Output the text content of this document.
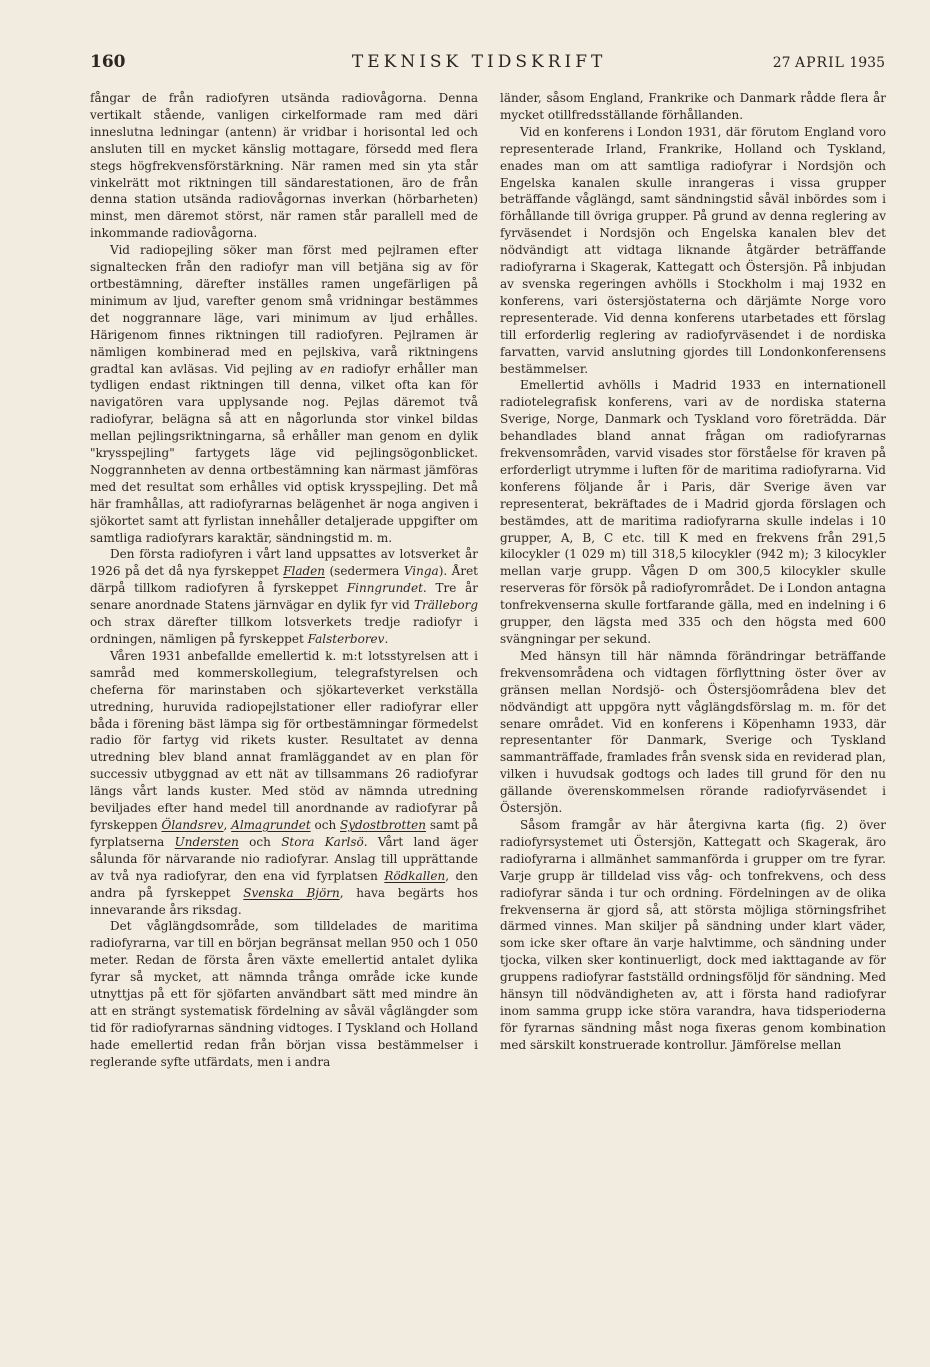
160	TEKNISK TIDSKRIFT	27 APRIL 1935

fångar de från radiofyren utsända radiovågorna. Denna vertikalt stående, vanligen cirkelformade ram med däri inneslutna ledningar (antenn) är vridbar i horisontal led och ansluten till en mycket känslig mottagare, försedd med flera stegs högfrekvensförstärkning. När ramen med sin yta står vinkelrätt mot riktningen till sändarestationen, äro de från denna station utsända radiovågornas inverkan (hörbarheten) minst, men däremot störst, när ramen står parallell med de inkommande radiovågorna.

Vid radiopejling söker man först med pejlramen efter signaltecken från den radiofyr man vill betjäna sig av för ortbestämning, därefter inställes ramen ungefärligen på minimum av ljud, varefter genom små vridningar bestämmes det noggrannare läge, vari minimum av ljud erhålles. Härigenom finnes riktningen till radiofyren. Pejlramen är nämligen kombinerad med en pejlskiva, varå riktningens gradtal kan avläsas. Vid pejling av en radiofyr erhåller man tydligen endast riktningen till denna, vilket ofta kan för navigatören vara upplysande nog. Pejlas däremot två radiofyrar, belägna så att en någorlunda stor vinkel bildas mellan pejlingsriktningarna, så erhåller man genom en dylik "krysspejling" fartygets läge vid pejlingsögonblicket. Noggrannheten av denna ortbestämning kan närmast jämföras med det resultat som erhålles vid optisk krysspejling. Det må här framhållas, att radiofyrarnas belägenhet är noga angiven i sjökortet samt att fyrlistan innehåller detaljerade uppgifter om samtliga radiofyrars karaktär, sändningstid m. m.

Den första radiofyren i vårt land uppsattes av lotsverket år 1926 på det då nya fyrskeppet Fladen (sedermera Vinga). Året därpå tillkom radiofyren å fyrskeppet Finngrundet. Tre år senare anordnade Statens järnvägar en dylik fyr vid Trälleborg och strax därefter tillkom lotsverkets tredje radiofyr i ordningen, nämligen på fyrskeppet Falsterborev.

Våren 1931 anbefallde emellertid k. m:t lotsstyrelsen att i samråd med kommerskollegium, telegrafstyrelsen och cheferna för marinstaben och sjökarteverket verkställa utredning, huruvida radiopejlstationer eller radiofyrar eller båda i förening bäst lämpa sig för ortbestämningar förmedelst radio för fartyg vid rikets kuster. Resultatet av denna utredning blev bland annat framläggandet av en plan för successiv utbyggnad av ett nät av tillsammans 26 radiofyrar längs vårt lands kuster. Med stöd av nämnda utredning beviljades efter hand medel till anordnande av radiofyrar på fyrskeppen Ölandsrev, Almagrundet och Sydostbrotten samt på fyrplatserna Understen och Stora Karlsö. Vårt land äger sålunda för närvarande nio radiofyrar. Anslag till upprättande av två nya radiofyrar, den ena vid fyrplatsen Rödkallen, den andra på fyrskeppet Svenska Björn, hava begärts hos innevarande års riksdag.

Det våglängdsområde, som tilldelades de maritima radiofyrarna, var till en början begränsat mellan 950 och 1 050 meter. Redan de första åren växte emellertid antalet dylika fyrar så mycket, att nämnda trånga område icke kunde utnyttjas på ett för sjöfarten användbart sätt med mindre än att en strängt systematisk fördelning av såväl våglängder som tid för radiofyrarnas sändning vidtoges. I Tyskland och Holland hade emellertid redan från början vissa bestämmelser i reglerande syfte utfärdats, men i andra

länder, såsom England, Frankrike och Danmark rådde flera år mycket otillfredsställande förhållanden.

Vid en konferens i London 1931, där förutom England voro representerade Irland, Frankrike, Holland och Tyskland, enades man om att samtliga radiofyrar i Nordsjön och Engelska kanalen skulle inrangeras i vissa grupper beträffande våglängd, samt sändningstid såväl inbördes som i förhållande till övriga grupper. På grund av denna reglering av fyrväsendet i Nordsjön och Engelska kanalen blev det nödvändigt att vidtaga liknande åtgärder beträffande radiofyrarna i Skagerak, Kattegatt och Östersjön. På inbjudan av svenska regeringen avhölls i Stockholm i maj 1932 en konferens, vari östersjöstaterna och därjämte Norge voro representerade. Vid denna konferens utarbetades ett förslag till erforderlig reglering av radiofyrväsendet i de nordiska farvatten, varvid anslutning gjordes till Londonkonferensens bestämmelser.

Emellertid avhölls i Madrid 1933 en internationell radiotelegrafisk konferens, vari av de nordiska staterna Sverige, Norge, Danmark och Tyskland voro företrädda. Där behandlades bland annat frågan om radiofyrarnas frekvensområden, varvid visades stor förståelse för kraven på erforderligt utrymme i luften för de maritima radiofyrarna. Vid konferens följande år i Paris, där Sverige även var representerat, bekräftades de i Madrid gjorda förslagen och bestämdes, att de maritima radiofyrarna skulle indelas i 10 grupper, A, B, C etc. till K med en frekvens från 291,5 kilocykler (1 029 m) till 318,5 kilocykler (942 m); 3 kilocykler mellan varje grupp. Vågen D om 300,5 kilocykler skulle reserveras för försök på radiofyrområdet. De i London antagna tonfrekvenserna skulle fortfarande gälla, med en indelning i 6 grupper, den lägsta med 335 och den högsta med 600 svängningar per sekund.

Med hänsyn till här nämnda förändringar beträffande frekvensområdena och vidtagen förflyttning öster över av gränsen mellan Nordsjö- och Östersjöområdena blev det nödvändigt att uppgöra nytt våglängdsförslag m. m. för det senare området. Vid en konferens i Köpenhamn 1933, där representanter för Danmark, Sverige och Tyskland sammanträffade, framlades från svensk sida en reviderad plan, vilken i huvudsak godtogs och lades till grund för den nu gällande överenskommelsen rörande radiofyrväsendet i Östersjön.

Såsom framgår av här återgivna karta (fig. 2) över radiofyrsystemet uti Östersjön, Kattegatt och Skagerak, äro radiofyrarna i allmänhet sammanförda i grupper om tre fyrar. Varje grupp är tilldelad viss våg- och tonfrekvens, och dess radiofyrar sända i tur och ordning. Fördelningen av de olika frekvenserna är gjord så, att största möjliga störningsfrihet därmed vinnes. Man skiljer på sändning under klart väder, som icke sker oftare än varje halvtimme, och sändning under tjocka, vilken sker kontinuerligt, dock med iakttagande av för gruppens radiofyrar fastställd ordningsföljd för sändning. Med hänsyn till nödvändigheten av, att i första hand radiofyrar inom samma grupp icke störa varandra, hava tidsperioderna för fyrarnas sändning måst noga fixeras genom kombination med särskilt konstruerade kontrollur. Jämförelse mellan
